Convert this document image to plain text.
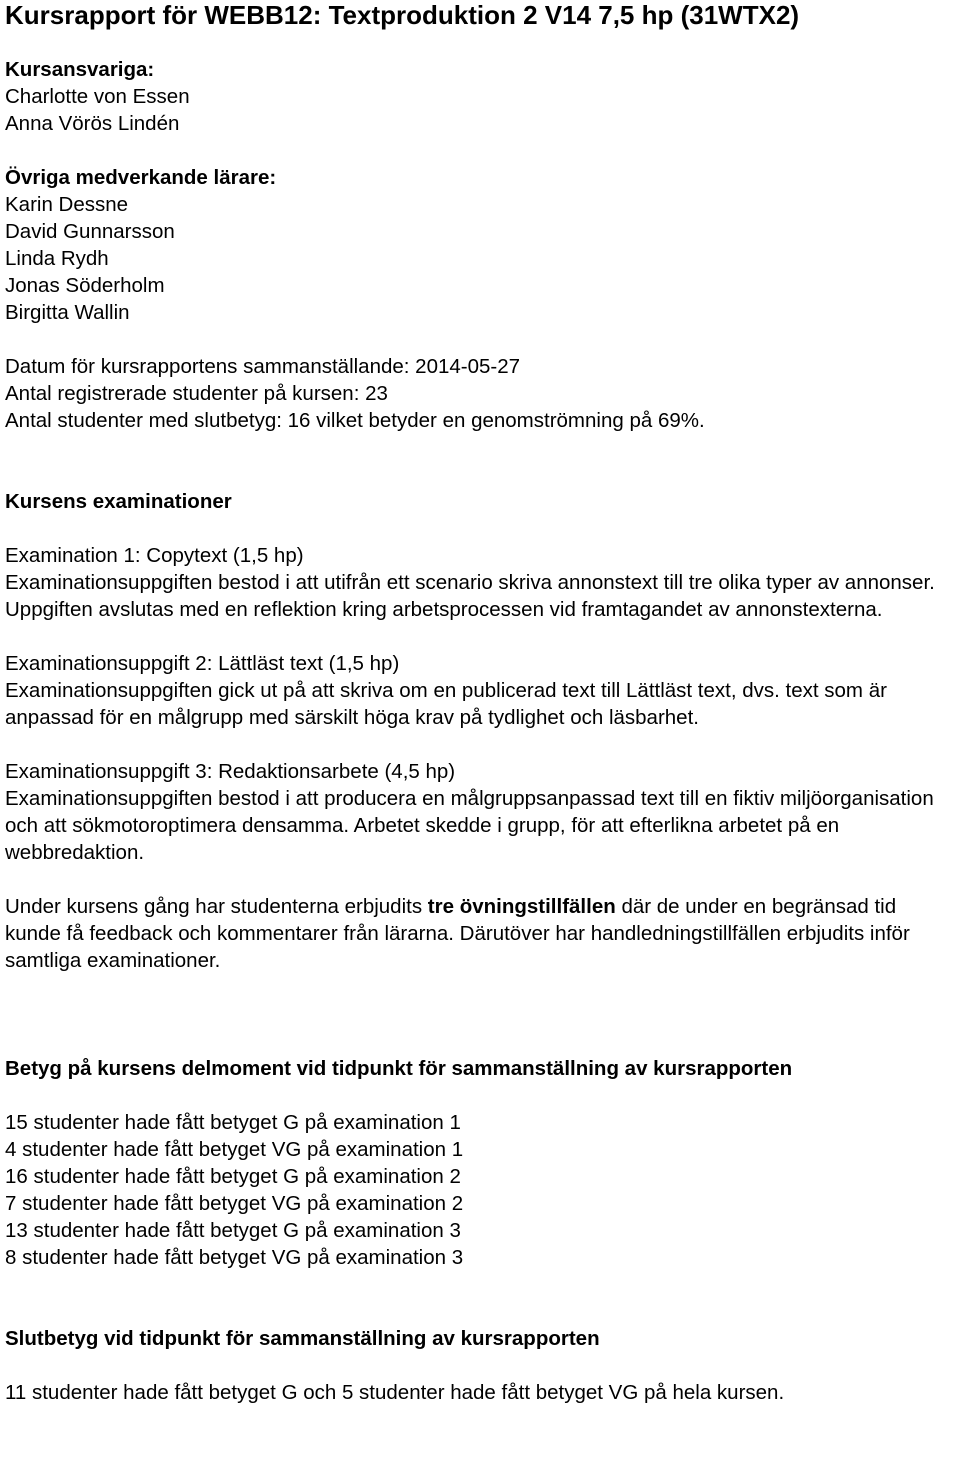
Kursrapport för WEBB12: Textproduktion 2 V14 7,5 hp (31WTX2)

Kursansvariga:

Charlotte von Essen

Anna Vörös Lindén

Övriga medverkande lärare:

Karin Dessne

David Gunnarsson

Linda Rydh

Jonas Söderholm

Birgitta Wallin

Datum för kursrapportens sammanställande: 2014-05-27

Antal registrerade studenter på kursen: 23

Antal studenter med slutbetyg: 16 vilket betyder en genomströmning på 69%.

Kursens examinationer

Examination 1: Copytext (1,5 hp)

Examinationsuppgiften bestod i att utifrån ett scenario skriva annonstext till tre olika typer av annonser. Uppgiften avslutas med en reflektion kring arbetsprocessen vid framtagandet av annonstexterna.

Examinationsuppgift 2: Lättläst text (1,5 hp)

Examinationsuppgiften gick ut på att skriva om en publicerad text till Lättläst text, dvs. text som är anpassad för en målgrupp med särskilt höga krav på tydlighet och läsbarhet.

Examinationsuppgift 3: Redaktionsarbete (4,5 hp)

Examinationsuppgiften bestod i att producera en målgruppsanpassad text till en fiktiv miljöorganisation och att sökmotoroptimera densamma. Arbetet skedde i grupp, för att efterlikna arbetet på en webbredaktion.

Under kursens gång har studenterna erbjudits tre övningstillfällen där de under en begränsad tid kunde få feedback och kommentarer från lärarna. Därutöver har handledningstillfällen erbjudits inför samtliga examinationer.

Betyg på kursens delmoment vid tidpunkt för sammanställning av kursrapporten

15 studenter hade fått betyget G på examination 1

4 studenter hade fått betyget VG på examination 1

16 studenter hade fått betyget G på examination 2

7 studenter hade fått betyget VG på examination 2

13 studenter hade fått betyget G på examination 3

8 studenter hade fått betyget VG på examination 3

Slutbetyg vid tidpunkt för sammanställning av kursrapporten

11 studenter hade fått betyget G och 5 studenter hade fått betyget VG på hela kursen.
